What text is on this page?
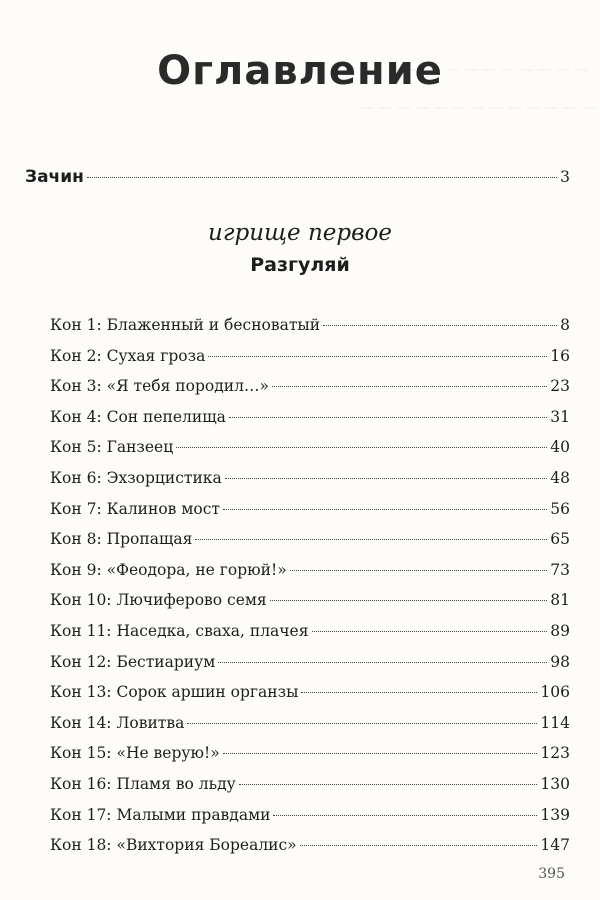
— — — — — — — — — — —
— — — — — — — — — — — — —
Оглавление
Зачин	3
игрище первое
Разгуляй
Кон 1: Блаженный и бесноватый	8
Кон 2: Сухая гроза	16
Кон 3: «Я тебя породил…»	23
Кон 4: Сон пепелища	31
Кон 5: Ганзеец	40
Кон 6: Эхзорцистика	48
Кон 7: Калинов мост	56
Кон 8: Пропащая	65
Кон 9: «Феодора, не горюй!»	73
Кон 10: Лючиферово семя	81
Кон 11: Наседка, сваха, плачея	89
Кон 12: Бестиариум	98
Кон 13: Сорок аршин органзы	106
Кон 14: Ловитва	114
Кон 15: «Не верую!»	123
Кон 16: Пламя во льду	130
Кон 17: Малыми правдами	139
Кон 18: «Вихтория Бореалис»	147
395
